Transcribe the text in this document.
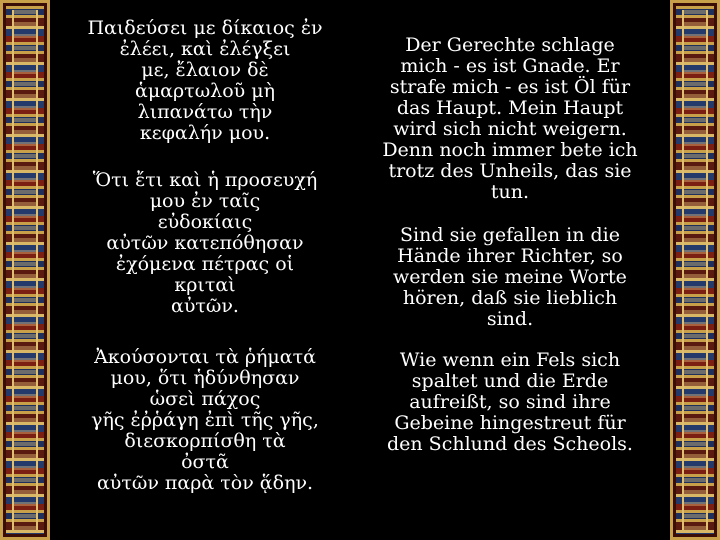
Παιδεύσει με δίκαιος ἐν
ἐλέει, καὶ ἐλέγξει
με, ἔλαιον δὲ
ἁμαρτωλοῦ μὴ
λιπανάτω τὴν
κεφαλήν μου.

Ὅτι ἔτι καὶ ἡ προσευχή
μου ἐν ταῖς
εὐδοκίαις
αὐτῶν κατεπόθησαν
ἐχόμενα πέτρας οἱ
κριταὶ
αὐτῶν.

Ἀκούσονται τὰ ῥήματά
μου, ὅτι ἡδύνθησαν
ὡσεὶ πάχος
γῆς ἐῤῥάγη ἐπὶ τῆς γῆς,
διεσκορπίσθη τὰ
ὀστᾶ
αὐτῶν παρὰ τὸν ᾅδην.

Der Gerechte schlage
mich - es ist Gnade. Er
strafe mich - es ist Öl für
das Haupt. Mein Haupt
wird sich nicht weigern.
Denn noch immer bete ich
trotz des Unheils, das sie
tun.

Sind sie gefallen in die
Hände ihrer Richter, so
werden sie meine Worte
hören, daß sie lieblich
sind.

Wie wenn ein Fels sich
spaltet und die Erde
aufreißt, so sind ihre
Gebeine hingestreut für
den Schlund des Scheols.
